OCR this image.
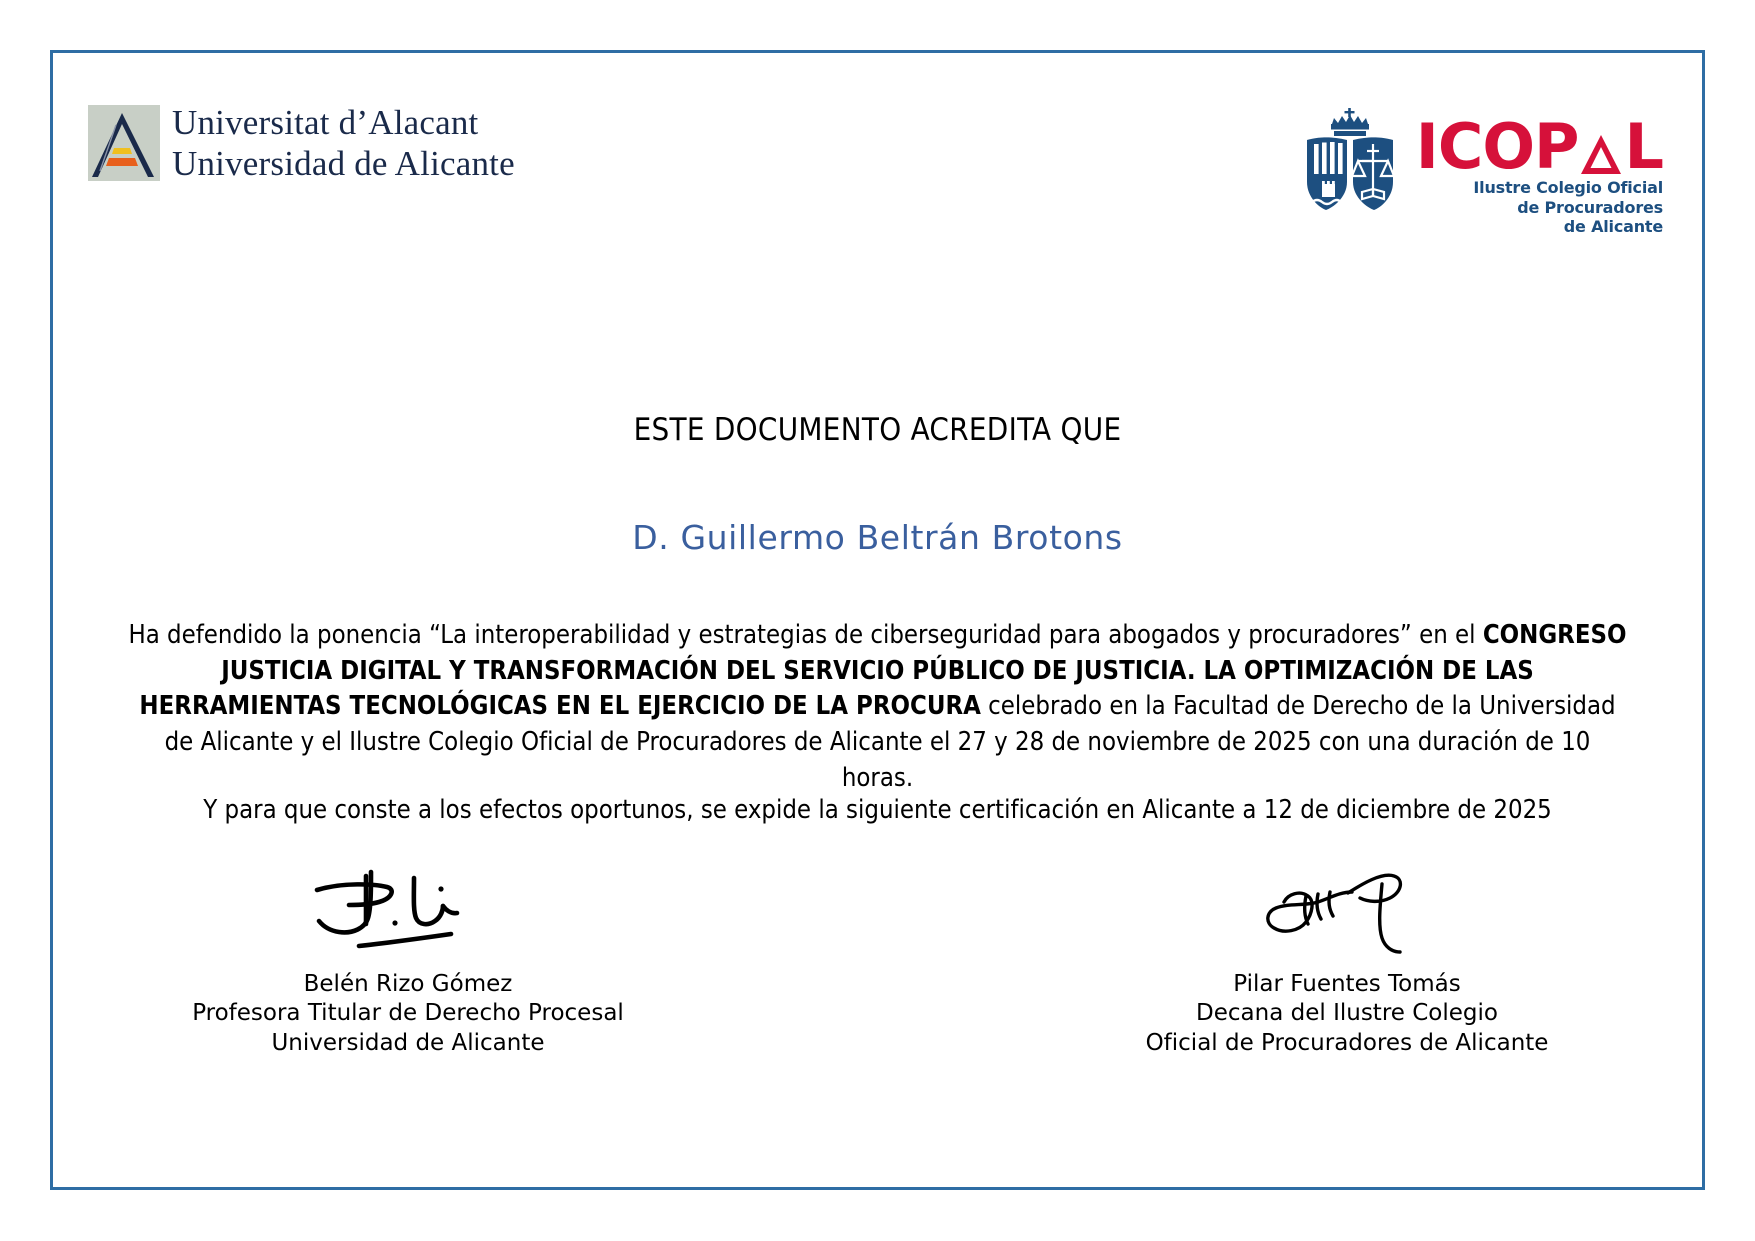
Universitat d’Alacant
Universidad de Alicante	ICOP L
Ilustre Colegio Oficial
de Procuradores
de Alicante
ESTE DOCUMENTO ACREDITA QUE
D. Guillermo Beltrán Brotons
Ha defendido la ponencia “La interoperabilidad y estrategias de ciberseguridad para abogados y procuradores” en el CONGRESO JUSTICIA DIGITAL Y TRANSFORMACIÓN DEL SERVICIO PÚBLICO DE JUSTICIA. LA OPTIMIZACIÓN DE LAS HERRAMIENTAS TECNOLÓGICAS EN EL EJERCICIO DE LA PROCURA celebrado en la Facultad de Derecho de la Universidad de Alicante y el Ilustre Colegio Oficial de Procuradores de Alicante el 27 y 28 de noviembre de 2025 con una duración de 10 horas.
Y para que conste a los efectos oportunos, se expide la siguiente certificación en Alicante a 12 de diciembre de 2025
Belén Rizo Gómez
Profesora Titular de Derecho Procesal
Universidad de Alicante
Pilar Fuentes Tomás
Decana del Ilustre Colegio
Oficial de Procuradores de Alicante
